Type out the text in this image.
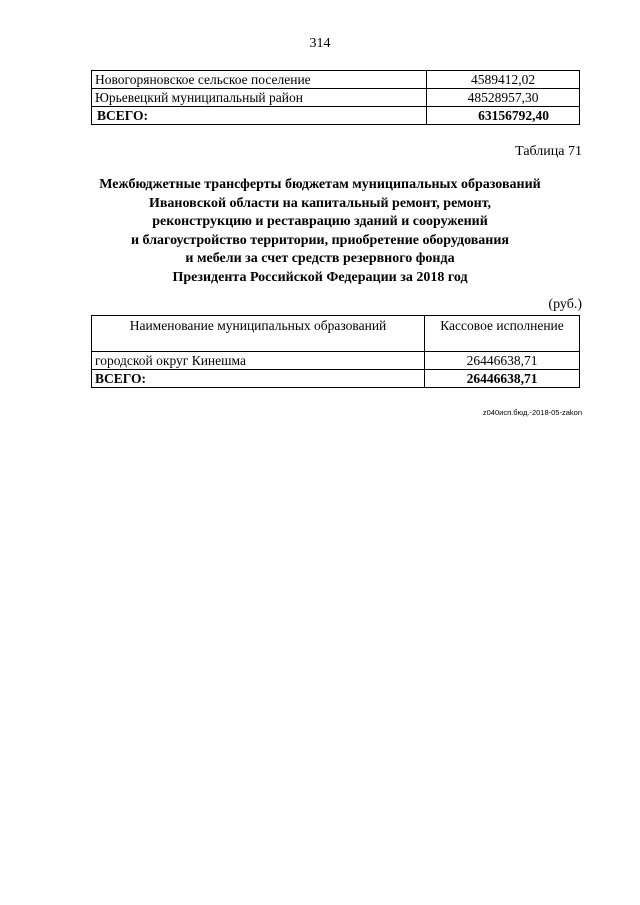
314
Новогоряновское сельское поселение	4589412,02
Юрьевецкий муниципальный район	48528957,30
ВСЕГО:	63156792,40
Таблица 71
Межбюджетные трансферты бюджетам муниципальных образований
Ивановской области на капитальный ремонт, ремонт,
реконструкцию и реставрацию зданий и сооружений
и благоустройство территории, приобретение оборудования
и мебели за счет средств резервного фонда
Президента Российской Федерации за 2018 год
(руб.)
Наименование муниципальных образований	Кассовое исполнение
городской округ Кинешма	26446638,71
ВСЕГО:	26446638,71
z040исп.бюд.-2018-05-zakon
